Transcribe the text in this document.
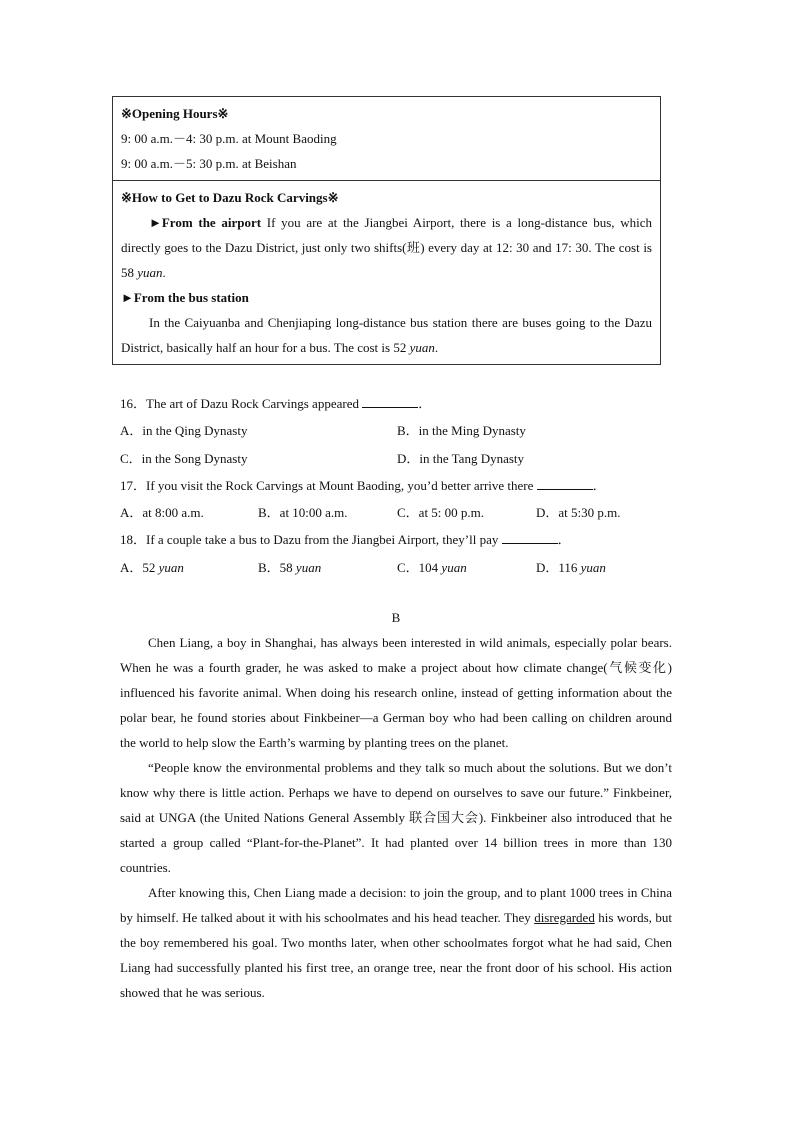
※Opening Hours※
9: 00 a.m.－4: 30 p.m. at Mount Baoding
9: 00 a.m.－5: 30 p.m. at Beishan
※How to Get to Dazu Rock Carvings※
►From the airport If you are at the Jiangbei Airport, there is a long-distance bus, which directly goes to the Dazu District, just only two shifts(班) every day at 12: 30 and 17: 30. The cost is 58 yuan.
►From the bus station
In the Caiyuanba and Chenjiaping long-distance bus station there are buses going to the Dazu District, basically half an hour for a bus. The cost is 52 yuan.
16．The art of Dazu Rock Carvings appeared	．
A．in the Qing Dynasty	B．in the Ming Dynasty
C．in the Song Dynasty	D．in the Tang Dynasty
17．If you visit the Rock Carvings at Mount Baoding, you’d better arrive there	．
A．at 8:00 a.m.	B．at 10:00 a.m.	C．at 5: 00 p.m.	D．at 5:30 p.m.
18．If a couple take a bus to Dazu from the Jiangbei Airport, they’ll pay	．
A．52 yuan	B．58 yuan	C．104 yuan	D．116 yuan
B

Chen Liang, a boy in Shanghai, has always been interested in wild animals, especially polar bears. When he was a fourth grader, he was asked to make a project about how climate change(气候变化) influenced his favorite animal. When doing his research online, instead of getting information about the polar bear, he found stories about Finkbeiner—a German boy who had been calling on children around the world to help slow the Earth’s warming by planting trees on the planet.

“People know the environmental problems and they talk so much about the solutions. But we don’t know why there is little action. Perhaps we have to depend on ourselves to save our future.” Finkbeiner, said at UNGA (the United Nations General Assembly 联合国大会). Finkbeiner also introduced that he started a group called “Plant-for-the-Planet”. It had planted over 14 billion trees in more than 130 countries.

After knowing this, Chen Liang made a decision: to join the group, and to plant 1000 trees in China by himself. He talked about it with his schoolmates and his head teacher. They disregarded his words, but the boy remembered his goal. Two months later, when other schoolmates forgot what he had said, Chen Liang had successfully planted his first tree, an orange tree, near the front door of his school. His action showed that he was serious.
